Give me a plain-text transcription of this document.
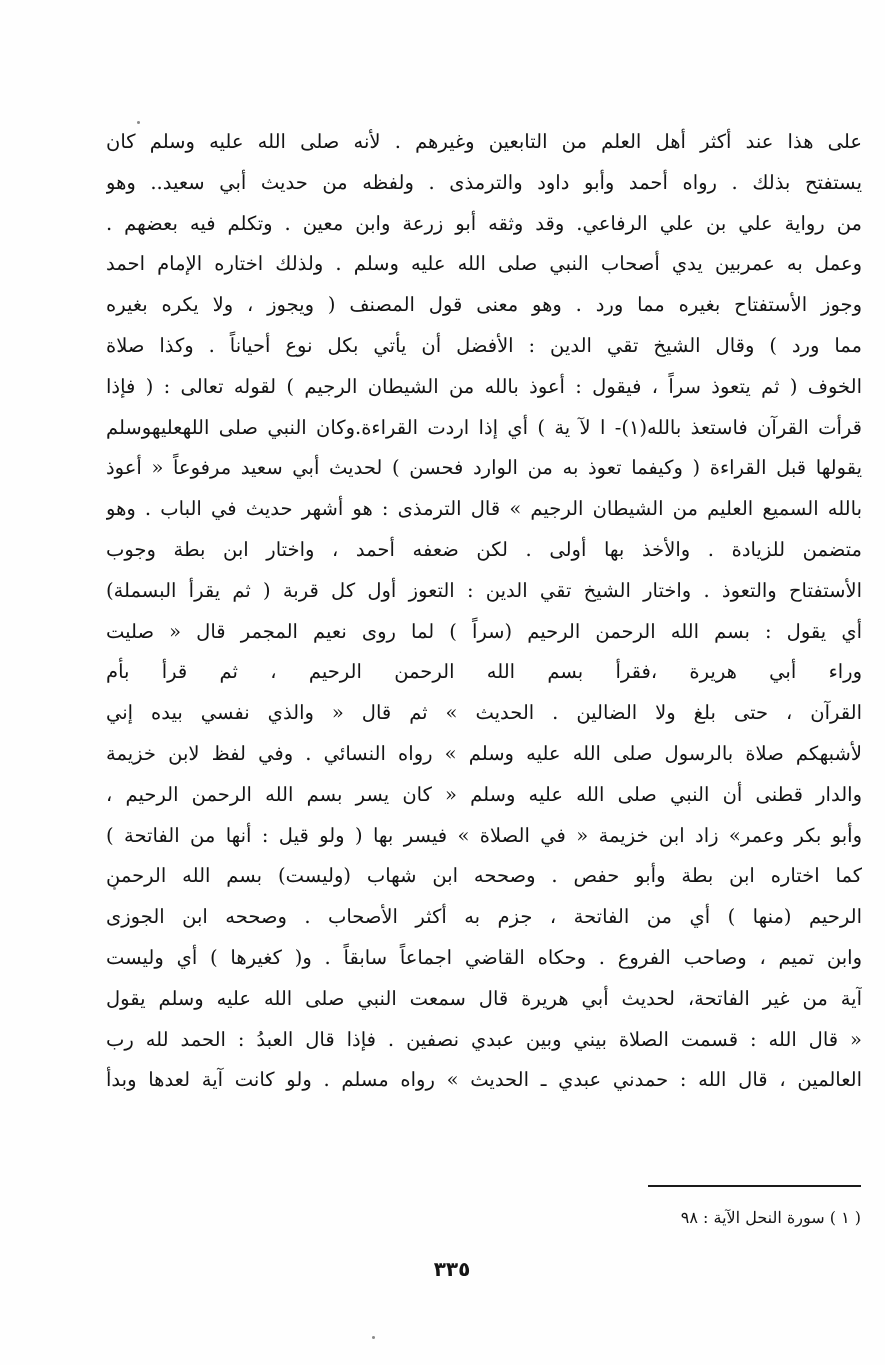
على هذا عند أكثر أهل العلم من التابعين وغيرهم . لأنه صلى الله عليه وسلم كان
يستفتح بذلك . رواه أحمد وأبو داود والترمذى . ولفظه من حديث أبي سعيد.. وهو
من رواية علي بن علي الرفاعي. وقد وثقه أبو زرعة وابن معين . وتكلم فيه بعضهم .
وعمل به عمربين يدي أصحاب النبي صلى الله عليه وسلم . ولذلك اختاره الإمام احمد
وجوز الأستفتاح بغيره مما ورد . وهو معنى قول المصنف ( ويجوز ، ولا يكره بغيره
مما ورد ) وقال الشيخ تقي الدين : الأفضل أن يأتي بكل نوع أحياناً . وكذا صلاة
الخوف ( ثم يتعوذ سراً ، فيقول : أعوذ بالله من الشيطان الرجيم ) لقوله تعالى : ( فإذا
قرأت القرآن فاستعذ بالله(١)- ا لآ ية ) أي إذا اردت القراءة.وكان النبي صلى اللهعليهوسلم
يقولها قبل القراءة ( وكيفما تعوذ به من الوارد فحسن ) لحديث أبي سعيد مرفوعاً « أعوذ
بالله السميع العليم من الشيطان الرجيم » قال الترمذى : هو أشهر حديث في الباب . وهو
متضمن للزيادة . والأخذ بها أولى . لكن ضعفه أحمد ، واختار ابن بطة وجوب
الأستفتاح والتعوذ . واختار الشيخ تقي الدين : التعوز أول كل قربة ( ثم يقرأ البسملة)
أي يقول : بسم الله الرحمن الرحيم (سراً ) لما روى نعيم المجمر قال « صليت
وراء أبي هريرة ،فقرأ بسم الله الرحمن الرحيم ، ثم قرأ بأم
القرآن ، حتى بلغ ولا الضالين . الحديث » ثم قال « والذي نفسي بيده إني
لأشبهكم صلاة بالرسول صلى الله عليه وسلم » رواه النسائي . وفي لفظ لابن خزيمة
والدار قطنى أن النبي صلى الله عليه وسلم « كان يسر بسم الله الرحمن الرحيم ،
وأبو بكر وعمر» زاد ابن خزيمة « في الصلاة » فيسر بها ( ولو قيل : أنها من الفاتحة )
كما اختاره ابن بطة وأبو حفص . وصححه ابن شهاب (وليست) بسم الله الرحمن
الرحيم (منها ) أي من الفاتحة ، جزم به أكثر الأصحاب . وصححه ابن الجوزى
وابن تميم ، وصاحب الفروع . وحكاه القاضي اجماعاً سابقاً . و( كغيرها ) أي وليست
آية من غير الفاتحة، لحديث أبي هريرة قال سمعت النبي صلى الله عليه وسلم يقول
« قال الله : قسمت الصلاة بيني وبين عبدي نصفين . فإذا قال العبدُ : الحمد لله رب
العالمين ، قال الله : حمدني عبدي ـ الحديث » رواه مسلم . ولو كانت آية لعدها وبدأ
( ١ ) سورة النحل الآية : ٩٨
٣٣٥
